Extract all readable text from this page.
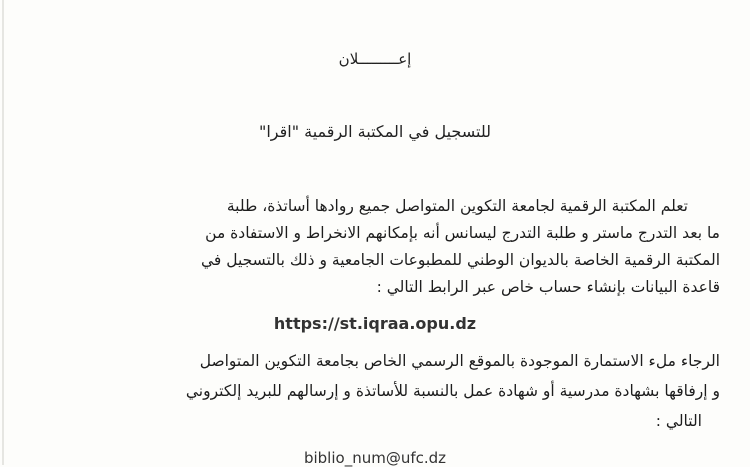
إعـــــــــلان
للتسجيل في المكتبة الرقمية "اقرا"
تعلم المكتبة الرقمية لجامعة التكوين المتواصل جميع روادها أساتذة، طلبة
ما بعد التدرج ماستر و طلبة التدرج ليسانس أنه بإمكانهم الانخراط و الاستفادة من
المكتبة الرقمية الخاصة بالديوان الوطني للمطبوعات الجامعية و ذلك بالتسجيل في
قاعدة البيانات بإنشاء حساب خاص عبر الرابط التالي :
https://st.iqraa.opu.dz
الرجاء ملء الاستمارة الموجودة بالموقع الرسمي الخاص بجامعة التكوين المتواصل
و إرفاقها بشهادة مدرسية أو شهادة عمل بالنسبة للأساتذة و إرسالهم للبريد إلكتروني
التالي :
biblio_num@ufc.dz
